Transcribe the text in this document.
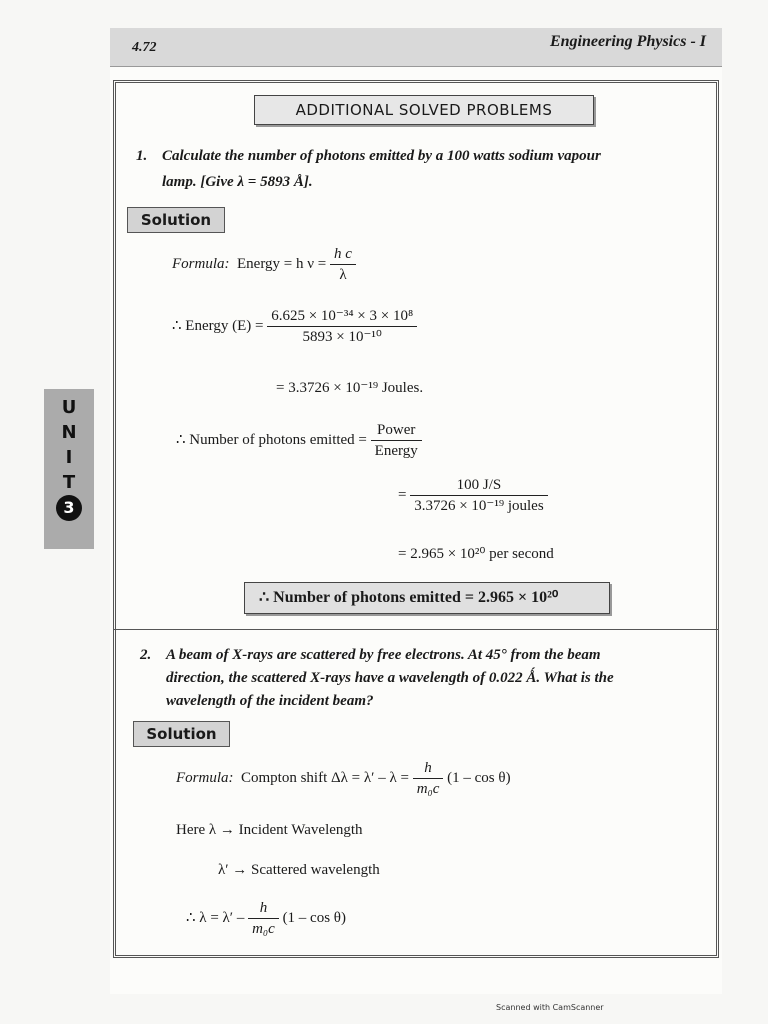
4.72	Engineering Physics - I
ADDITIONAL SOLVED PROBLEMS
1. Calculate the number of photons emitted by a 100 watts sodium vapour
lamp. [Give λ = 5893 Å].
Solution
Formula: Energy = h $\nu = \frac{\text{h c}}{\lambda}$
∴ Energy $(E) = \frac{\text{6.625 × 10⁻³⁴ × 3 × 10⁸}}{\text{5893 × 10⁻¹⁰}}$
= 3.3726 × 10⁻¹⁹ Joules.
∴ Number of photons emitted = $\frac{\text{Power}}{\text{Energy}}$
= $\frac{100 J/S}{\text{3.3726 × 10⁻¹⁹ joules}}$
= 2.965 × 10²⁰ per second
∴ Number of photons emitted = 2.965 × 10²⁰
2. A beam of X-rays are scattered by free electrons. At 45° from the beam
direction, the scattered X-rays have a wavelength of 0.022 Ǻ. What is the
wavelength of the incident beam?
Solution
Formula: Compton shift $\Delta\lambda = \lambda' - \lambda = \frac{h}{\text{m₀c}} (1 - \cos \theta)$
Here λ → Incident Wavelength
λ′ → Scattered wavelength
∴ $\lambda = \lambda' - \frac{h}{\text{m₀c}} (1 - \cos \theta)$
U
N
I
T
3
Scanned with CamScanner
